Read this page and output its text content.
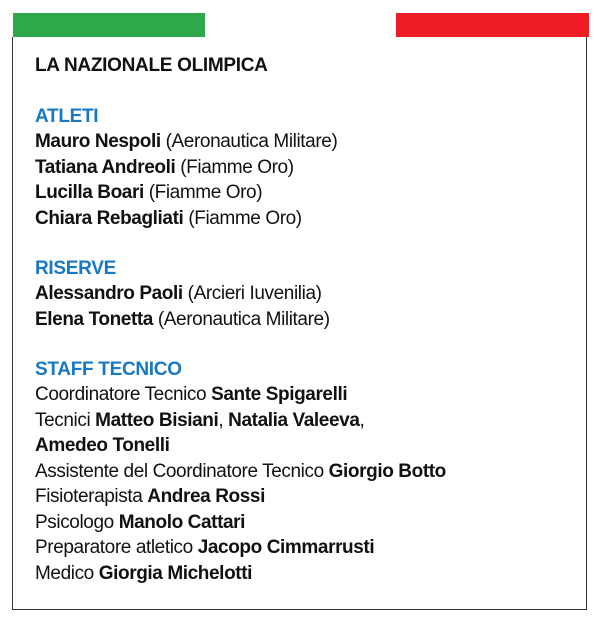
LA NAZIONALE OLIMPICA
ATLETI
Mauro Nespoli (Aeronautica Militare)
Tatiana Andreoli (Fiamme Oro)
Lucilla Boari (Fiamme Oro)
Chiara Rebagliati (Fiamme Oro)
RISERVE
Alessandro Paoli (Arcieri Iuvenilia)
Elena Tonetta (Aeronautica Militare)
STAFF TECNICO
Coordinatore Tecnico Sante Spigarelli
Tecnici Matteo Bisiani, Natalia Valeeva,
Amedeo Tonelli
Assistente del Coordinatore Tecnico Giorgio Botto
Fisioterapista Andrea Rossi
Psicologo Manolo Cattari
Preparatore atletico Jacopo Cimmarrusti
Medico Giorgia Michelotti
